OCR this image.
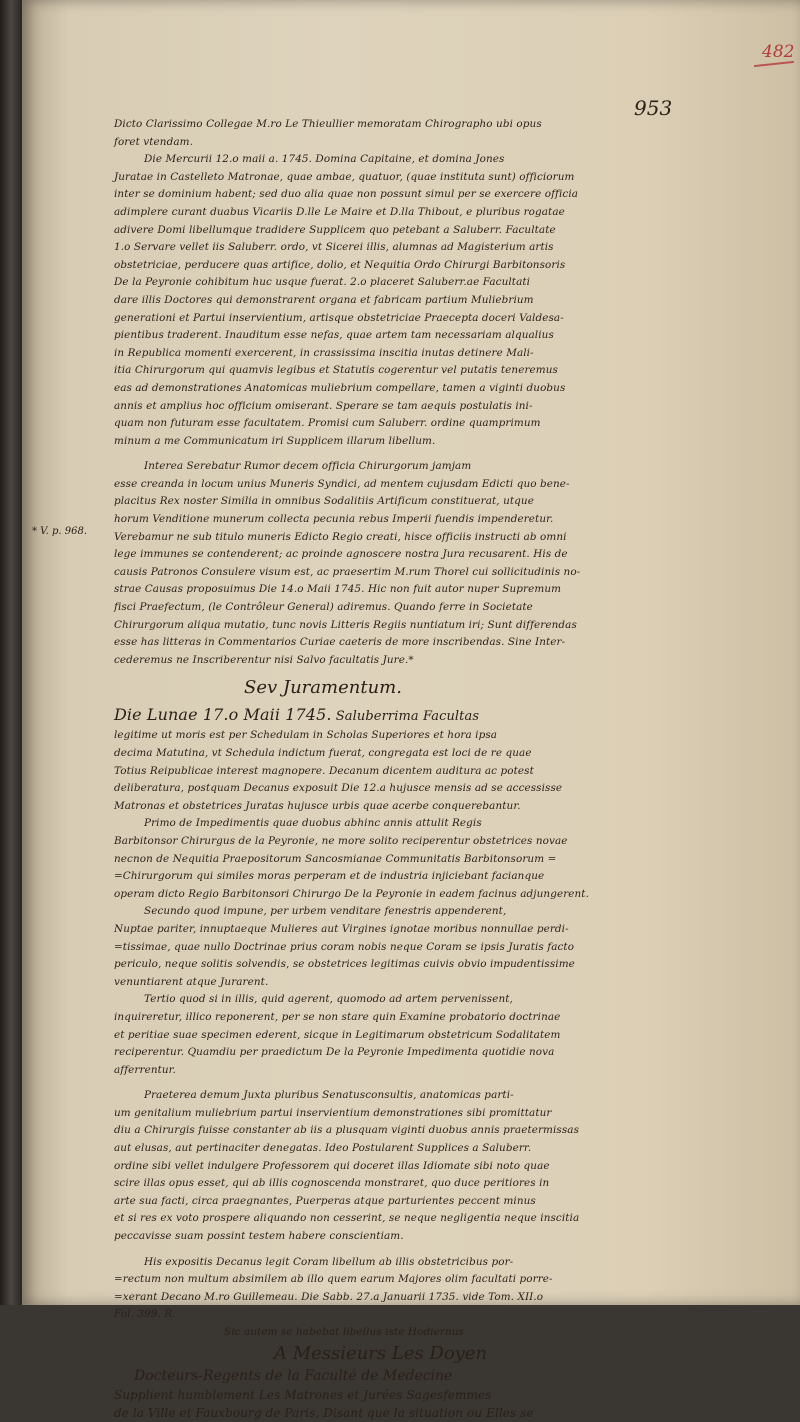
482
953
* V. p. 968.
Dicto Clarissimo Collegae M.ro Le Thieullier memoratam Chirographo ubi opus
foret vtendam.
Die Mercurii 12.o maii a. 1745. Domina Capitaine, et domina Jones
Juratae in Castelleto Matronae, quae ambae, quatuor, (quae instituta sunt) officiorum
inter se dominium habent; sed duo alia quae non possunt simul per se exercere officia
adimplere curant duabus Vicariis D.lle Le Maire et D.lla Thibout, e pluribus rogatae
adivere Domi libellumque tradidere Supplicem quo petebant a Saluberr. Facultate
1.o Servare vellet iis Saluberr. ordo, vt Sicerei illis, alumnas ad Magisterium artis
obstetriciae, perducere quas artifice, dolio, et Nequitia Ordo Chirurgi Barbitonsoris
De la Peyronie cohibitum huc usque fuerat. 2.o placeret Saluberr.ae Facultati
dare illis Doctores qui demonstrarent organa et fabricam partium Muliebrium
generationi et Partui inservientium, artisque obstetriciae Praecepta doceri Valdesa-
pientibus traderent. Inauditum esse nefas, quae artem tam necessariam alqualius
in Republica momenti exercerent, in crassissima inscitia inutas detinere Mali-
itia Chirurgorum qui quamvis legibus et Statutis cogerentur vel putatis teneremus
eas ad demonstrationes Anatomicas muliebrium compellare, tamen a viginti duobus
annis et amplius hoc officium omiserant. Sperare se tam aequis postulatis ini-
quam non futuram esse facultatem. Promisi cum Saluberr. ordine quamprimum
minum a me Communicatum iri Supplicem illarum libellum.
Interea Serebatur Rumor decem officia Chirurgorum jamjam
esse creanda in locum unius Muneris Syndici, ad mentem cujusdam Edicti quo bene-
placitus Rex noster Similia in omnibus Sodalitiis Artificum constituerat, utque
horum Venditione munerum collecta pecunia rebus Imperii fuendis impenderetur.
Verebamur ne sub titulo muneris Edicto Regio creati, hisce officiis instructi ab omni
lege immunes se contenderent; ac proinde agnoscere nostra Jura recusarent. His de
causis Patronos Consulere visum est, ac praesertim M.rum Thorel cui sollicitudinis no-
strae Causas proposuimus Die 14.o Maii 1745. Hic non fuit autor nuper Supremum
fisci Praefectum, (le Contrôleur General) adiremus. Quando ferre in Societate
Chirurgorum aliqua mutatio, tunc novis Litteris Regiis nuntiatum iri; Sunt differendas
esse has litteras in Commentarios Curiae caeteris de more inscribendas. Sine Inter-
cederemus ne Inscriberentur nisi Salvo facultatis Jure.*
Sev Juramentum.
Die Lunae 17.o Maii 1745. Saluberrima Facultas
legitime ut moris est per Schedulam in Scholas Superiores et hora ipsa
decima Matutina, vt Schedula indictum fuerat, congregata est loci de re quae
Totius Reipublicae interest magnopere. Decanum dicentem auditura ac potest
deliberatura, postquam Decanus exposuit Die 12.a hujusce mensis ad se accessisse
Matronas et obstetrices Juratas hujusce urbis quae acerbe conquerebantur.
Primo de Impedimentis quae duobus abhinc annis attulit Regis
Barbitonsor Chirurgus de la Peyronie, ne more solito reciperentur obstetrices novae
necnon de Nequitia Praepositorum Sancosmianae Communitatis Barbitonsorum =
=Chirurgorum qui similes moras perperam et de industria injiciebant facianque
operam dicto Regio Barbitonsori Chirurgo De la Peyronie in eadem facinus adjungerent.
Secundo quod impune, per urbem venditare fenestris appenderent,
Nuptae pariter, innuptaeque Mulieres aut Virgines ignotae moribus nonnullae perdi-
=tissimae, quae nullo Doctrinae prius coram nobis neque Coram se ipsis Juratis facto
periculo, neque solitis solvendis, se obstetrices legitimas cuivis obvio impudentissime
venuntiarent atque Jurarent.
Tertio quod si in illis, quid agerent, quomodo ad artem pervenissent,
inquireretur, illico reponerent, per se non stare quin Examine probatorio doctrinae
et peritiae suae specimen ederent, sicque in Legitimarum obstetricum Sodalitatem
reciperentur. Quamdiu per praedictum De la Peyronie Impedimenta quotidie nova
afferrentur.
Praeterea demum Juxta pluribus Senatusconsultis, anatomicas parti-
um genitalium muliebrium partui inservientium demonstrationes sibi promittatur
diu a Chirurgis fuisse constanter ab iis a plusquam viginti duobus annis praetermissas
aut elusas, aut pertinaciter denegatas. Ideo Postularent Supplices a Saluberr.
ordine sibi vellet indulgere Professorem qui doceret illas Idiomate sibi noto quae
scire illas opus esset, qui ab illis cognoscenda monstraret, quo duce peritiores in
arte sua facti, circa praegnantes, Puerperas atque parturientes peccent minus
et si res ex voto prospere aliquando non cesserint, se neque negligentia neque inscitia
peccavisse suam possint testem habere conscientiam.
His expositis Decanus legit Coram libellum ab illis obstetricibus por-
=rectum non multum absimilem ab illo quem earum Majores olim facultati porre-
=xerant Decano M.ro Guillemeau. Die Sabb. 27.a Januarii 1735. vide Tom. XII.o
Fol. 399. R.
Sic autem se habebat libellus iste Hodiernus
A Messieurs Les Doyen
Docteurs-Regents de la Faculté de Medecine
Supplient humblement Les Matrones et Jurées Sagesfemmes
de la Ville et Fauxbourg de Paris, Disant que la situation ou Elles se
